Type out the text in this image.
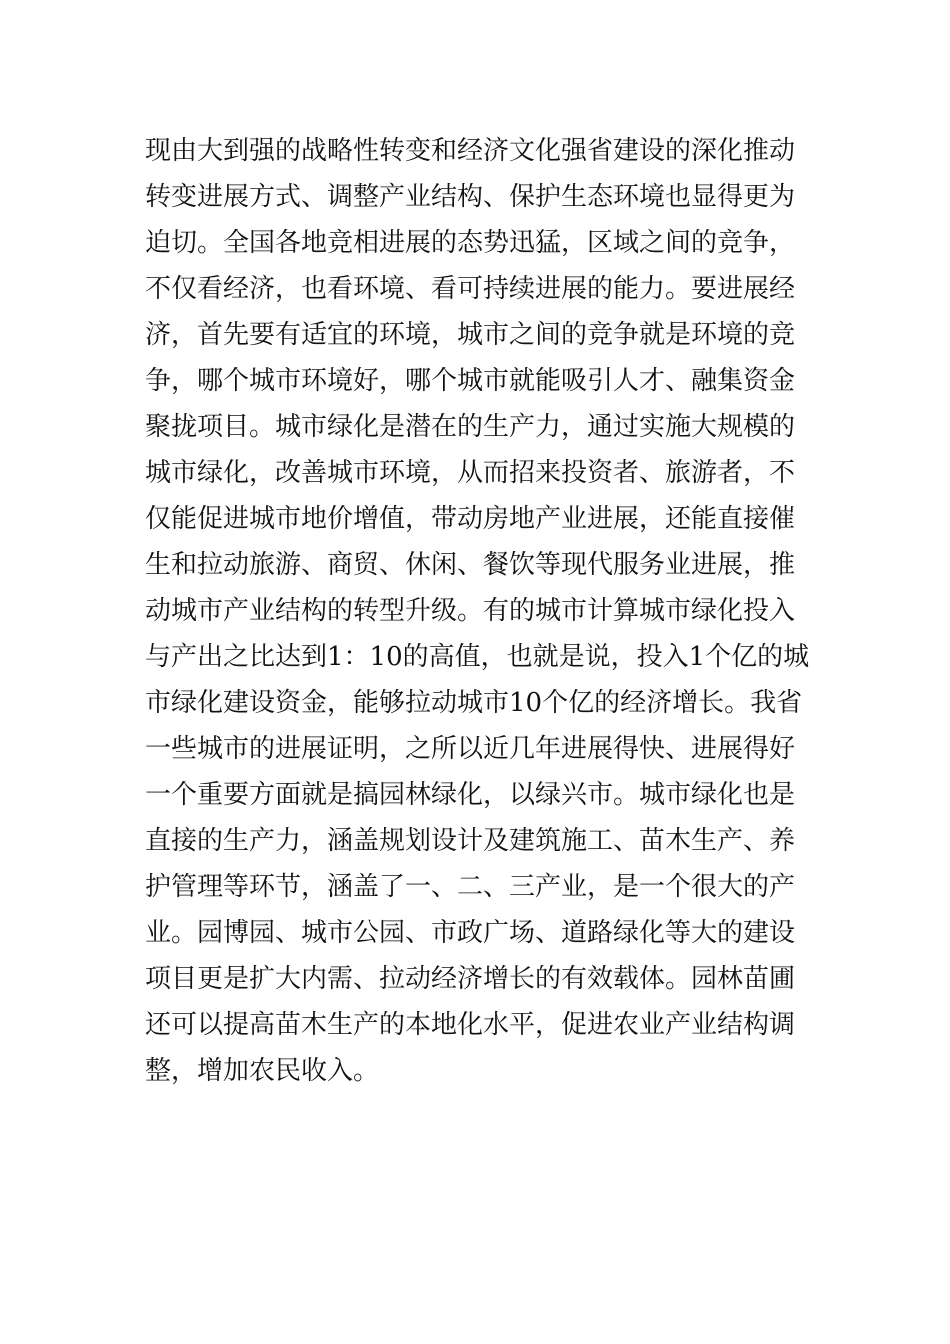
现由大到强的战略性转变和经济文化强省建设的深化推动
转变进展方式、调整产业结构、保护生态环境也显得更为
迫切。全国各地竞相进展的态势迅猛，区域之间的竞争，
不仅看经济，也看环境、看可持续进展的能力。要进展经
济，首先要有适宜的环境，城市之间的竞争就是环境的竞
争，哪个城市环境好，哪个城市就能吸引人才、融集资金
聚拢项目。城市绿化是潜在的生产力，通过实施大规模的
城市绿化，改善城市环境，从而招来投资者、旅游者，不
仅能促进城市地价增值，带动房地产业进展，还能直接催
生和拉动旅游、商贸、休闲、餐饮等现代服务业进展，推
动城市产业结构的转型升级。有的城市计算城市绿化投入
与产出之比达到1：10的高值，也就是说，投入1个亿的城
市绿化建设资金，能够拉动城市10个亿的经济增长。我省
一些城市的进展证明，之所以近几年进展得快、进展得好
一个重要方面就是搞园林绿化，以绿兴市。城市绿化也是
直接的生产力，涵盖规划设计及建筑施工、苗木生产、养
护管理等环节，涵盖了一、二、三产业，是一个很大的产
业。园博园、城市公园、市政广场、道路绿化等大的建设
项目更是扩大内需、拉动经济增长的有效载体。园林苗圃
还可以提高苗木生产的本地化水平，促进农业产业结构调
整，增加农民收入。
